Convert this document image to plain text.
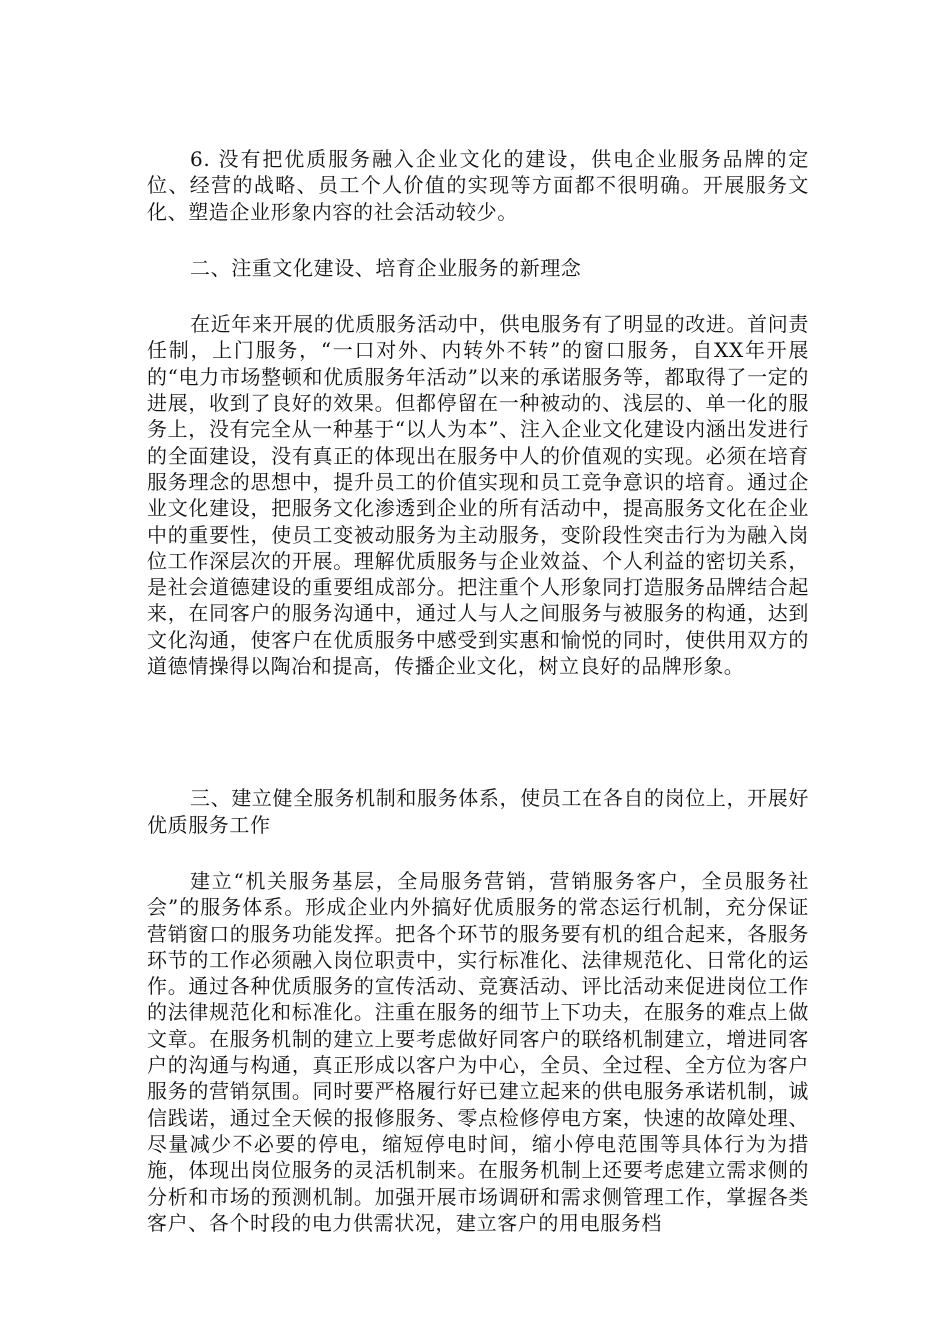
6. 没有把优质服务融入企业文化的建设，供电企业服务品牌的定位、经营的战略、员工个人价值的实现等方面都不很明确。开展服务文化、塑造企业形象内容的社会活动较少。

二、注重文化建设、培育企业服务的新理念

在近年来开展的优质服务活动中，供电服务有了明显的改进。首问责任制，上门服务，“一口对外、内转外不转”的窗口服务，自XX年开展的“电力市场整顿和优质服务年活动”以来的承诺服务等，都取得了一定的进展，收到了良好的效果。但都停留在一种被动的、浅层的、单一化的服务上，没有完全从一种基于“以人为本”、注入企业文化建设内涵出发进行的全面建设，没有真正的体现出在服务中人的价值观的实现。必须在培育服务理念的思想中，提升员工的价值实现和员工竞争意识的培育。通过企业文化建设，把服务文化渗透到企业的所有活动中，提高服务文化在企业中的重要性，使员工变被动服务为主动服务，变阶段性突击行为为融入岗位工作深层次的开展。理解优质服务与企业效益、个人利益的密切关系，是社会道德建设的重要组成部分。把注重个人形象同打造服务品牌结合起来，在同客户的服务沟通中，通过人与人之间服务与被服务的构通，达到文化沟通，使客户在优质服务中感受到实惠和愉悦的同时，使供用双方的道德情操得以陶冶和提高，传播企业文化，树立良好的品牌形象。

三、建立健全服务机制和服务体系，使员工在各自的岗位上，开展好优质服务工作

建立“机关服务基层，全局服务营销，营销服务客户，全员服务社会”的服务体系。形成企业内外搞好优质服务的常态运行机制，充分保证营销窗口的服务功能发挥。把各个环节的服务要有机的组合起来，各服务环节的工作必须融入岗位职责中，实行标准化、法律规范化、日常化的运作。通过各种优质服务的宣传活动、竞赛活动、评比活动来促进岗位工作的法律规范化和标准化。注重在服务的细节上下功夫，在服务的难点上做文章。在服务机制的建立上要考虑做好同客户的联络机制建立，增进同客户的沟通与构通，真正形成以客户为中心，全员、全过程、全方位为客户服务的营销氛围。同时要严格履行好已建立起来的供电服务承诺机制，诚信践诺，通过全天候的报修服务、零点检修停电方案，快速的故障处理、尽量减少不必要的停电，缩短停电时间，缩小停电范围等具体行为为措施，体现出岗位服务的灵活机制来。在服务机制上还要考虑建立需求侧的分析和市场的预测机制。加强开展市场调研和需求侧管理工作，掌握各类客户、各个时段的电力供需状况，建立客户的用电服务档
